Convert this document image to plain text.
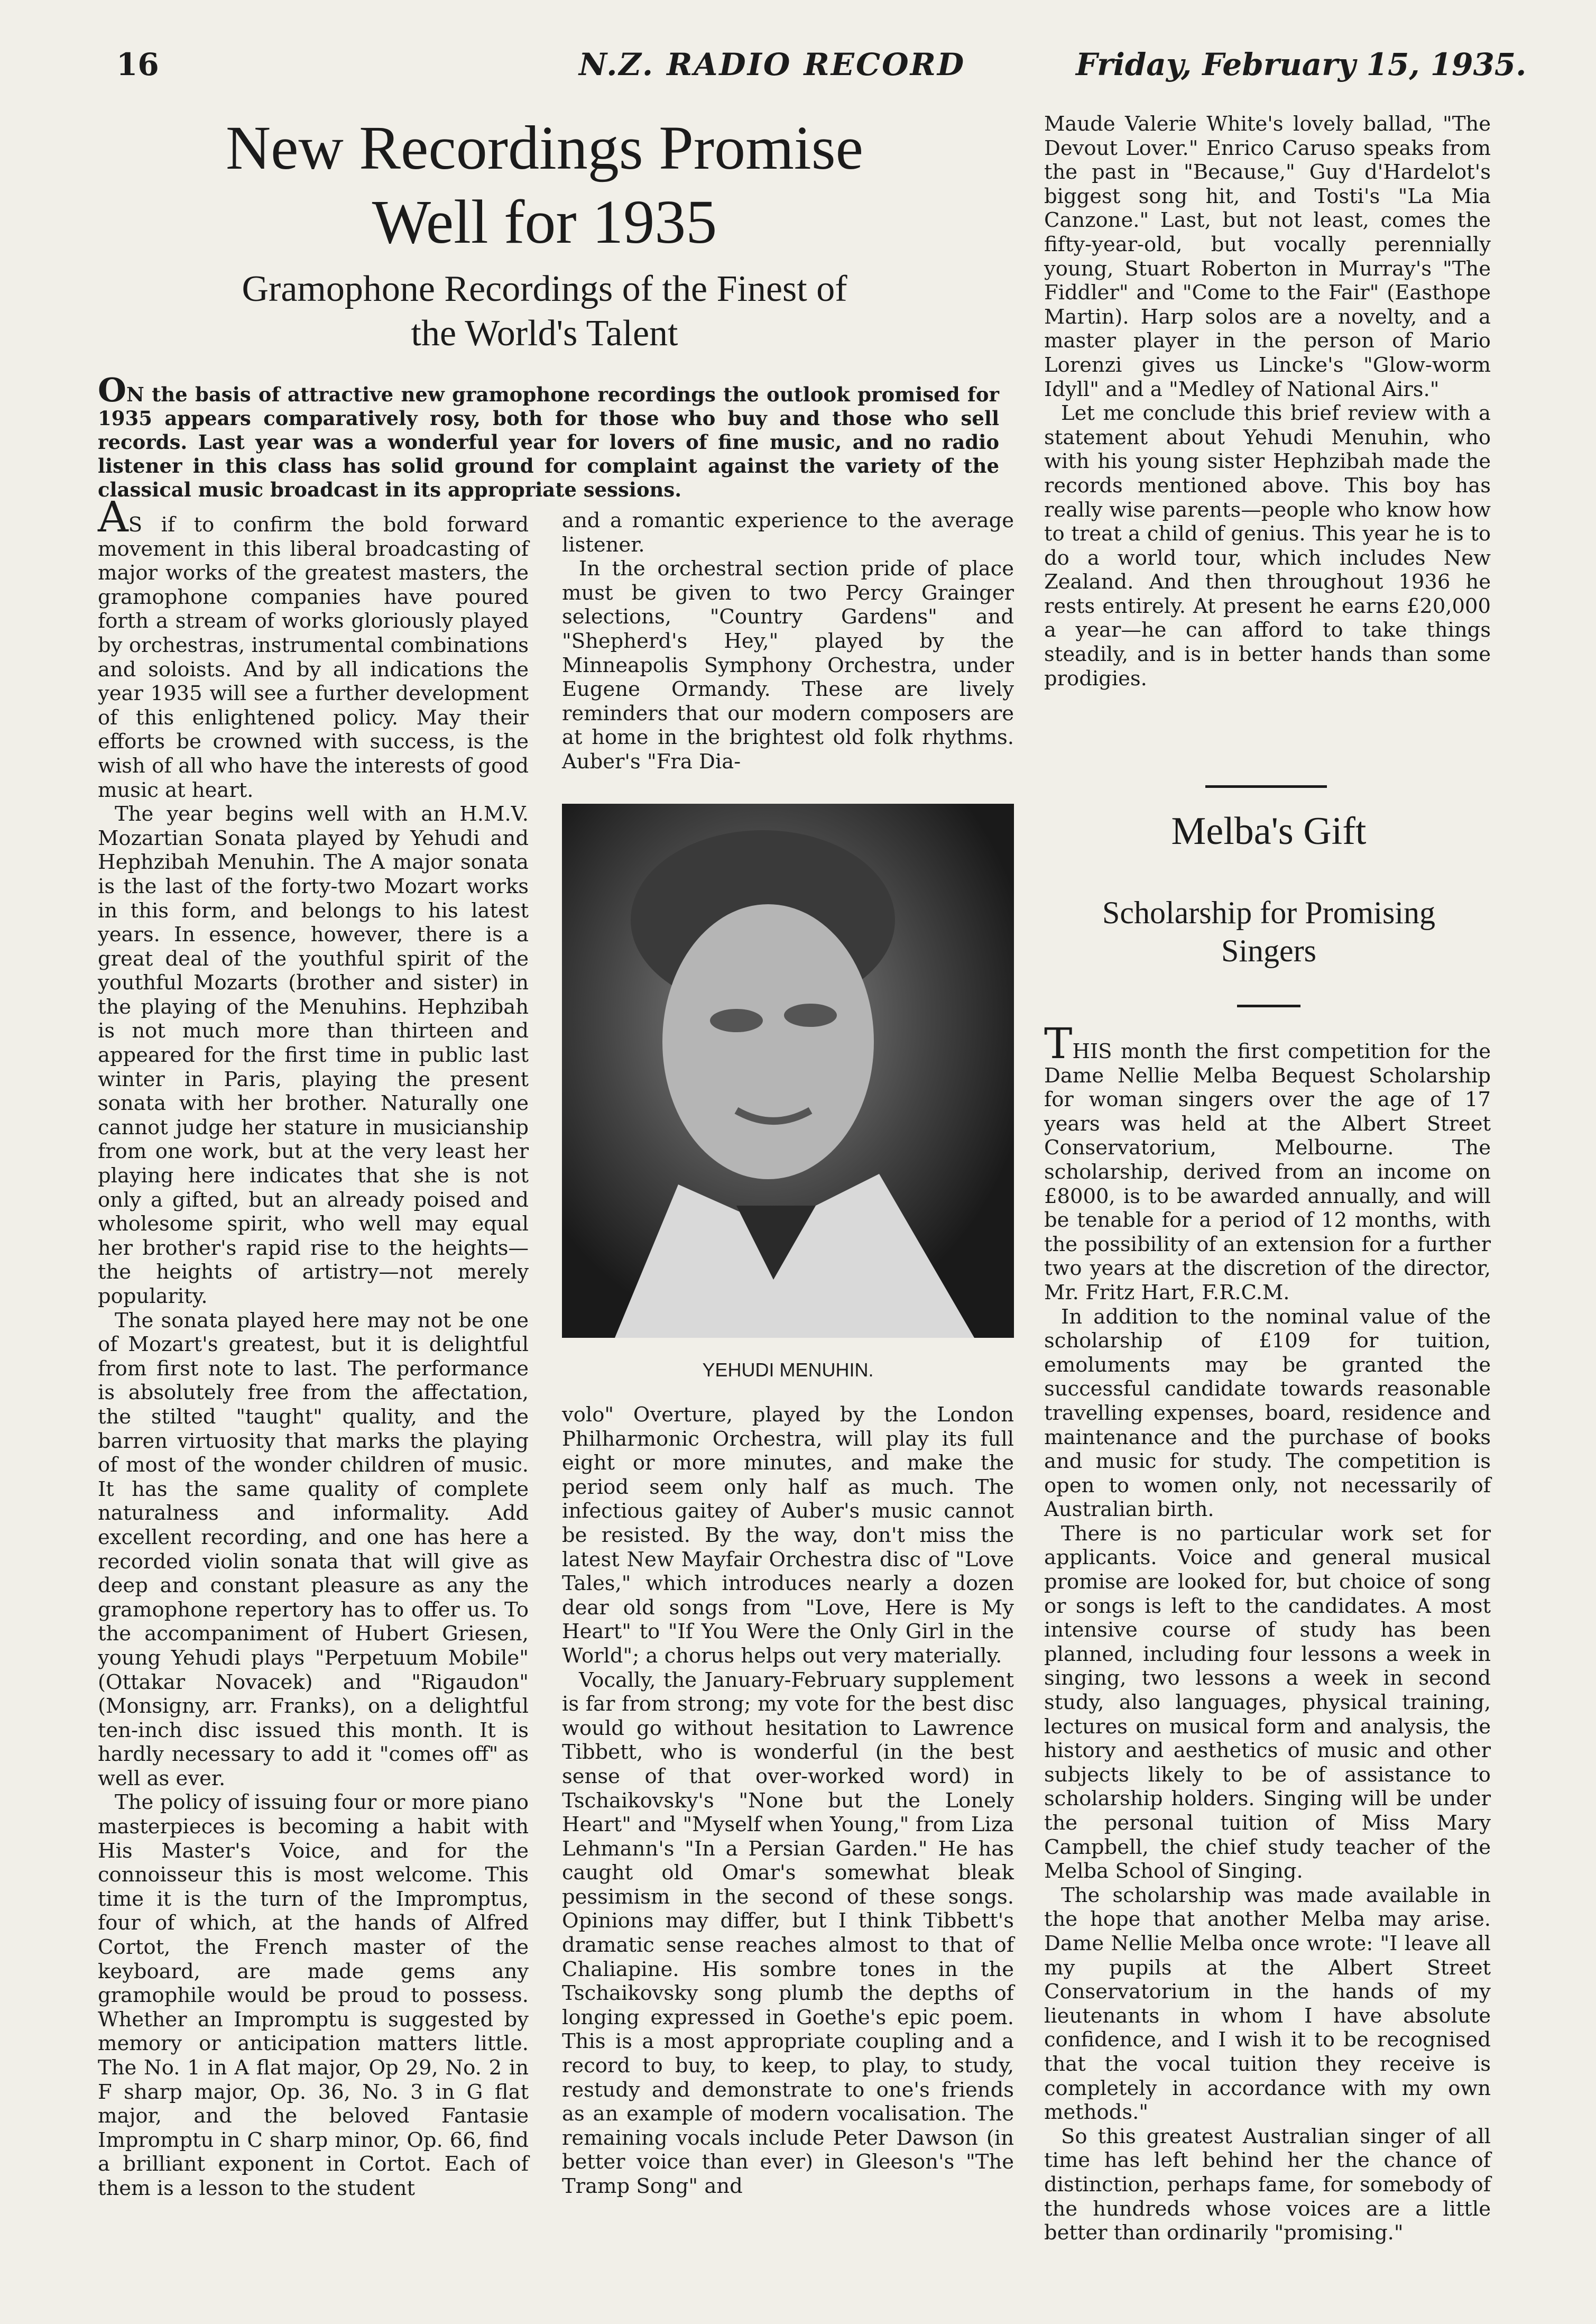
16	N.Z. RADIO RECORD	Friday, February 15, 1935.
New Recordings Promise
Well for 1935
Gramophone Recordings of the Finest of
the World's Talent
ON the basis of attractive new gramophone recordings the outlook promised for 1935 appears comparatively rosy, both for those who buy and those who sell records. Last year was a wonderful year for lovers of fine music, and no radio listener in this class has solid ground for complaint against the variety of the classical music broadcast in its appropriate sessions.

AS if to confirm the bold forward movement in this liberal broadcasting of major works of the greatest masters, the gramophone companies have poured forth a stream of works gloriously played by orchestras, instrumental combinations and soloists. And by all indications the year 1935 will see a further development of this enlightened policy. May their efforts be crowned with success, is the wish of all who have the interests of good music at heart.

The year begins well with an H.M.V. Mozartian Sonata played by Yehudi and Hephzibah Menuhin. The A major sonata is the last of the forty-two Mozart works in this form, and belongs to his latest years. In essence, however, there is a great deal of the youthful spirit of the youthful Mozarts (brother and sister) in the playing of the Menuhins. Hephzibah is not much more than thirteen and appeared for the first time in public last winter in Paris, playing the present sonata with her brother. Naturally one cannot judge her stature in musicianship from one work, but at the very least her playing here indicates that she is not only a gifted, but an already poised and wholesome spirit, who well may equal her brother's rapid rise to the heights—the heights of artistry—not merely popularity.

The sonata played here may not be one of Mozart's greatest, but it is delightful from first note to last. The performance is absolutely free from the affectation, the stilted "taught" quality, and the barren virtuosity that marks the playing of most of the wonder children of music. It has the same quality of complete naturalness and informality. Add excellent recording, and one has here a recorded violin sonata that will give as deep and constant pleasure as any the gramophone repertory has to offer us. To the accompaniment of Hubert Griesen, young Yehudi plays "Perpetuum Mobile" (Ottakar Novacek) and "Rigaudon" (Monsigny, arr. Franks), on a delightful ten-inch disc issued this month. It is hardly necessary to add it "comes off" as well as ever.

The policy of issuing four or more piano masterpieces is becoming a habit with His Master's Voice, and for the connoisseur this is most welcome. This time it is the turn of the Impromptus, four of which, at the hands of Alfred Cortot, the French master of the keyboard, are made gems any gramophile would be proud to possess. Whether an Impromptu is suggested by memory or anticipation matters little. The No. 1 in A flat major, Op 29, No. 2 in F sharp major, Op. 36, No. 3 in G flat major, and the beloved Fantasie Impromptu in C sharp minor, Op. 66, find a brilliant exponent in Cortot. Each of them is a lesson to the student

and a romantic experience to the average listener.

In the orchestral section pride of place must be given to two Percy Grainger selections, "Country Gardens" and "Shepherd's Hey," played by the Minneapolis Symphony Orchestra, under Eugene Ormandy. These are lively reminders that our modern composers are at home in the brightest old folk rhythms. Auber's "Fra Dia-

YEHUDI MENUHIN.

volo" Overture, played by the London Philharmonic Orchestra, will play its full eight or more minutes, and make the period seem only half as much. The infectious gaitey of Auber's music cannot be resisted. By the way, don't miss the latest New Mayfair Orchestra disc of "Love Tales," which introduces nearly a dozen dear old songs from "Love, Here is My Heart" to "If You Were the Only Girl in the World"; a chorus helps out very materially.

Vocally, the January-February supplement is far from strong; my vote for the best disc would go without hesitation to Lawrence Tibbett, who is wonderful (in the best sense of that over-worked word) in Tschaikovsky's "None but the Lonely Heart" and "Myself when Young," from Liza Lehmann's "In a Persian Garden." He has caught old Omar's somewhat bleak pessimism in the second of these songs. Opinions may differ, but I think Tibbett's dramatic sense reaches almost to that of Chaliapine. His sombre tones in the Tschaikovsky song plumb the depths of longing expressed in Goethe's epic poem. This is a most appropriate coupling and a record to buy, to keep, to play, to study, restudy and demonstrate to one's friends as an example of modern vocalisation. The remaining vocals include Peter Dawson (in better voice than ever) in Gleeson's "The Tramp Song" and

Maude Valerie White's lovely ballad, "The Devout Lover." Enrico Caruso speaks from the past in "Because," Guy d'Hardelot's biggest song hit, and Tosti's "La Mia Canzone." Last, but not least, comes the fifty-year-old, but vocally perennially young, Stuart Roberton in Murray's "The Fiddler" and "Come to the Fair" (Easthope Martin). Harp solos are a novelty, and a master player in the person of Mario Lorenzi gives us Lincke's "Glow-worm Idyll" and a "Medley of National Airs."

Let me conclude this brief review with a statement about Yehudi Menuhin, who with his young sister Hephzibah made the records mentioned above. This boy has really wise parents—people who know how to treat a child of genius. This year he is to do a world tour, which includes New Zealand. And then throughout 1936 he rests entirely. At present he earns £20,000 a year—he can afford to take things steadily, and is in better hands than some prodigies.

Melba's Gift
Scholarship for Promising
Singers

THIS month the first competition for the Dame Nellie Melba Bequest Scholarship for woman singers over the age of 17 years was held at the Albert Street Conservatorium, Melbourne. The scholarship, derived from an income on £8000, is to be awarded annually, and will be tenable for a period of 12 months, with the possibility of an extension for a further two years at the discretion of the director, Mr. Fritz Hart, F.R.C.M.

In addition to the nominal value of the scholarship of £109 for tuition, emoluments may be granted the successful candidate towards reasonable travelling expenses, board, residence and maintenance and the purchase of books and music for study. The competition is open to women only, not necessarily of Australian birth.

There is no particular work set for applicants. Voice and general musical promise are looked for, but choice of song or songs is left to the candidates. A most intensive course of study has been planned, including four lessons a week in singing, two lessons a week in second study, also languages, physical training, lectures on musical form and analysis, the history and aesthetics of music and other subjects likely to be of assistance to scholarship holders. Singing will be under the personal tuition of Miss Mary Campbell, the chief study teacher of the Melba School of Singing.

The scholarship was made available in the hope that another Melba may arise. Dame Nellie Melba once wrote: "I leave all my pupils at the Albert Street Conservatorium in the hands of my lieutenants in whom I have absolute confidence, and I wish it to be recognised that the vocal tuition they receive is completely in accordance with my own methods."

So this greatest Australian singer of all time has left behind her the chance of distinction, perhaps fame, for somebody of the hundreds whose voices are a little better than ordinarily "promising."
